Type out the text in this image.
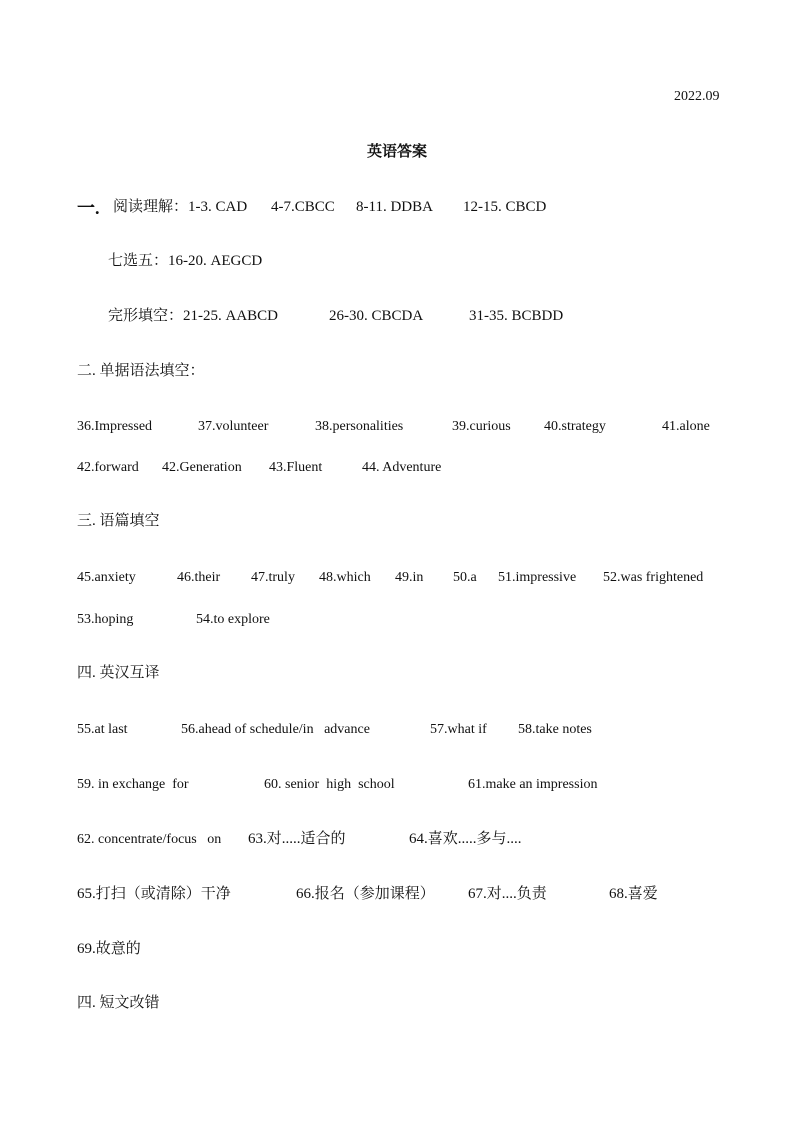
2022.09
英语答案
一. 阅读理解：1-3. CAD 4-7.CBCC 8-11. DDBA 12-15. CBCD
七选五：16-20. AEGCD
完形填空：21-25. AABCD	26-30. CBCDA	31-35. BCBDD
二. 单据语法填空：
36.Impressed	37.volunteer	38.personalities	39.curious 40.strategy	41.alone
42.forward 42.Generation 43.Fluent	44. Adventure
三. 语篇填空
45.anxiety	46.their 47.truly 48.which 49.in 50.a 51.impressive 52.was frightened
53.hoping	54.to explore
四. 英汉互译
55.at last	56.ahead of schedule/in   advance	57.what if 58.take notes
59. in exchange  for	60. senior  high  school	61.make an impression
62. concentrate/focus   on 63.对.....适合的	64.喜欢.....多与....
65.打扫（或清除）干净	66.报名（参加课程） 67.对....负责	68.喜爱
69.故意的
四. 短文改错
